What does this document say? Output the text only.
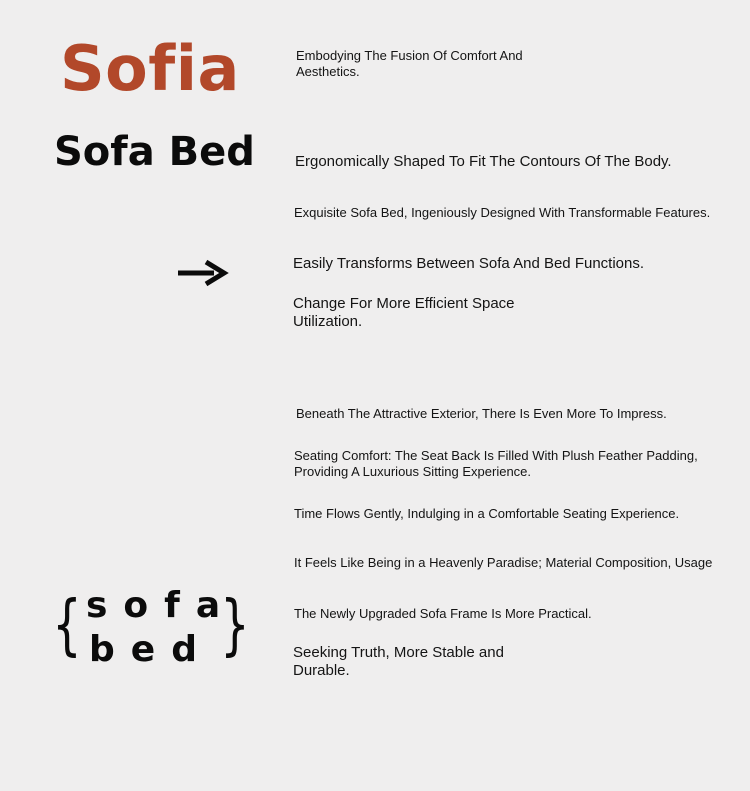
Sofia
Sofa Bed
{ sofa
bed }
Embodying The Fusion Of Comfort And
Aesthetics.
Ergonomically Shaped To Fit The Contours Of The Body.
Exquisite Sofa Bed, Ingeniously Designed With Transformable Features.
Easily Transforms Between Sofa And Bed Functions.
Change For More Efficient Space
Utilization.
Beneath The Attractive Exterior, There Is Even More To Impress.
Seating Comfort: The Seat Back Is Filled With Plush Feather Padding,
Providing A Luxurious Sitting Experience.
Time Flows Gently, Indulging in a Comfortable Seating Experience.
It Feels Like Being in a Heavenly Paradise; Material Composition, Usage
The Newly Upgraded Sofa Frame Is More Practical.
Seeking Truth, More Stable and
Durable.
